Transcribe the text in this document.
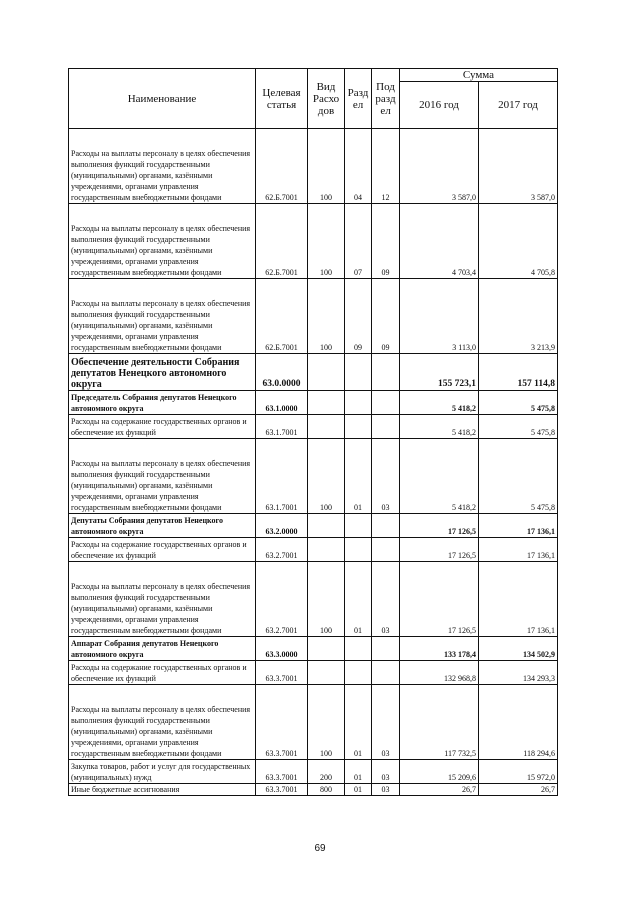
Наименование	Целевая статья	Вид Расхо дов	Разд ел	Под разд ел	Сумма	
					2016 год	2017 год
Расходы на выплаты персоналу в целях обеспечения выполнения функций государственными (муниципальными) органами, казёнными учреждениями, органами управления государственным внебюджетными фондами	62.Б.7001	100	04	12	3 587,0	3 587,0
Расходы на выплаты персоналу в целях обеспечения выполнения функций государственными (муниципальными) органами, казёнными учреждениями, органами управления государственным внебюджетными фондами	62.Б.7001	100	07	09	4 703,4	4 705,8
Расходы на выплаты персоналу в целях обеспечения выполнения функций государственными (муниципальными) органами, казёнными учреждениями, органами управления государственным внебюджетными фондами	62.Б.7001	100	09	09	3 113,0	3 213,9
Обеспечение деятельности Собрания депутатов Ненецкого автономного округа	63.0.0000				155 723,1	157 114,8
Председатель Собрания депутатов Ненецкого автономного округа	63.1.0000				5 418,2	5 475,8
Расходы на содержание государственных органов и обеспечение их функций	63.1.7001				5 418,2	5 475,8
Расходы на выплаты персоналу в целях обеспечения выполнения функций государственными (муниципальными) органами, казёнными учреждениями, органами управления государственным внебюджетными фондами	63.1.7001	100	01	03	5 418,2	5 475,8
Депутаты Собрания депутатов Ненецкого автономного округа	63.2.0000				17 126,5	17 136,1
Расходы на содержание государственных органов и обеспечение их функций	63.2.7001				17 126,5	17 136,1
Расходы на выплаты персоналу в целях обеспечения выполнения функций государственными (муниципальными) органами, казёнными учреждениями, органами управления государственным внебюджетными фондами	63.2.7001	100	01	03	17 126,5	17 136,1
Аппарат Собрания депутатов Ненецкого автономного округа	63.3.0000				133 178,4	134 502,9
Расходы на содержание государственных органов и обеспечение их функций	63.3.7001				132 968,8	134 293,3
Расходы на выплаты персоналу в целях обеспечения выполнения функций государственными (муниципальными) органами, казёнными учреждениями, органами управления государственным внебюджетными фондами	63.3.7001	100	01	03	117 732,5	118 294,6
Закупка товаров, работ и услуг для государственных (муниципальных) нужд	63.3.7001	200	01	03	15 209,6	15 972,0
Иные бюджетные ассигнования	63.3.7001	800	01	03	26,7	26,7
69
